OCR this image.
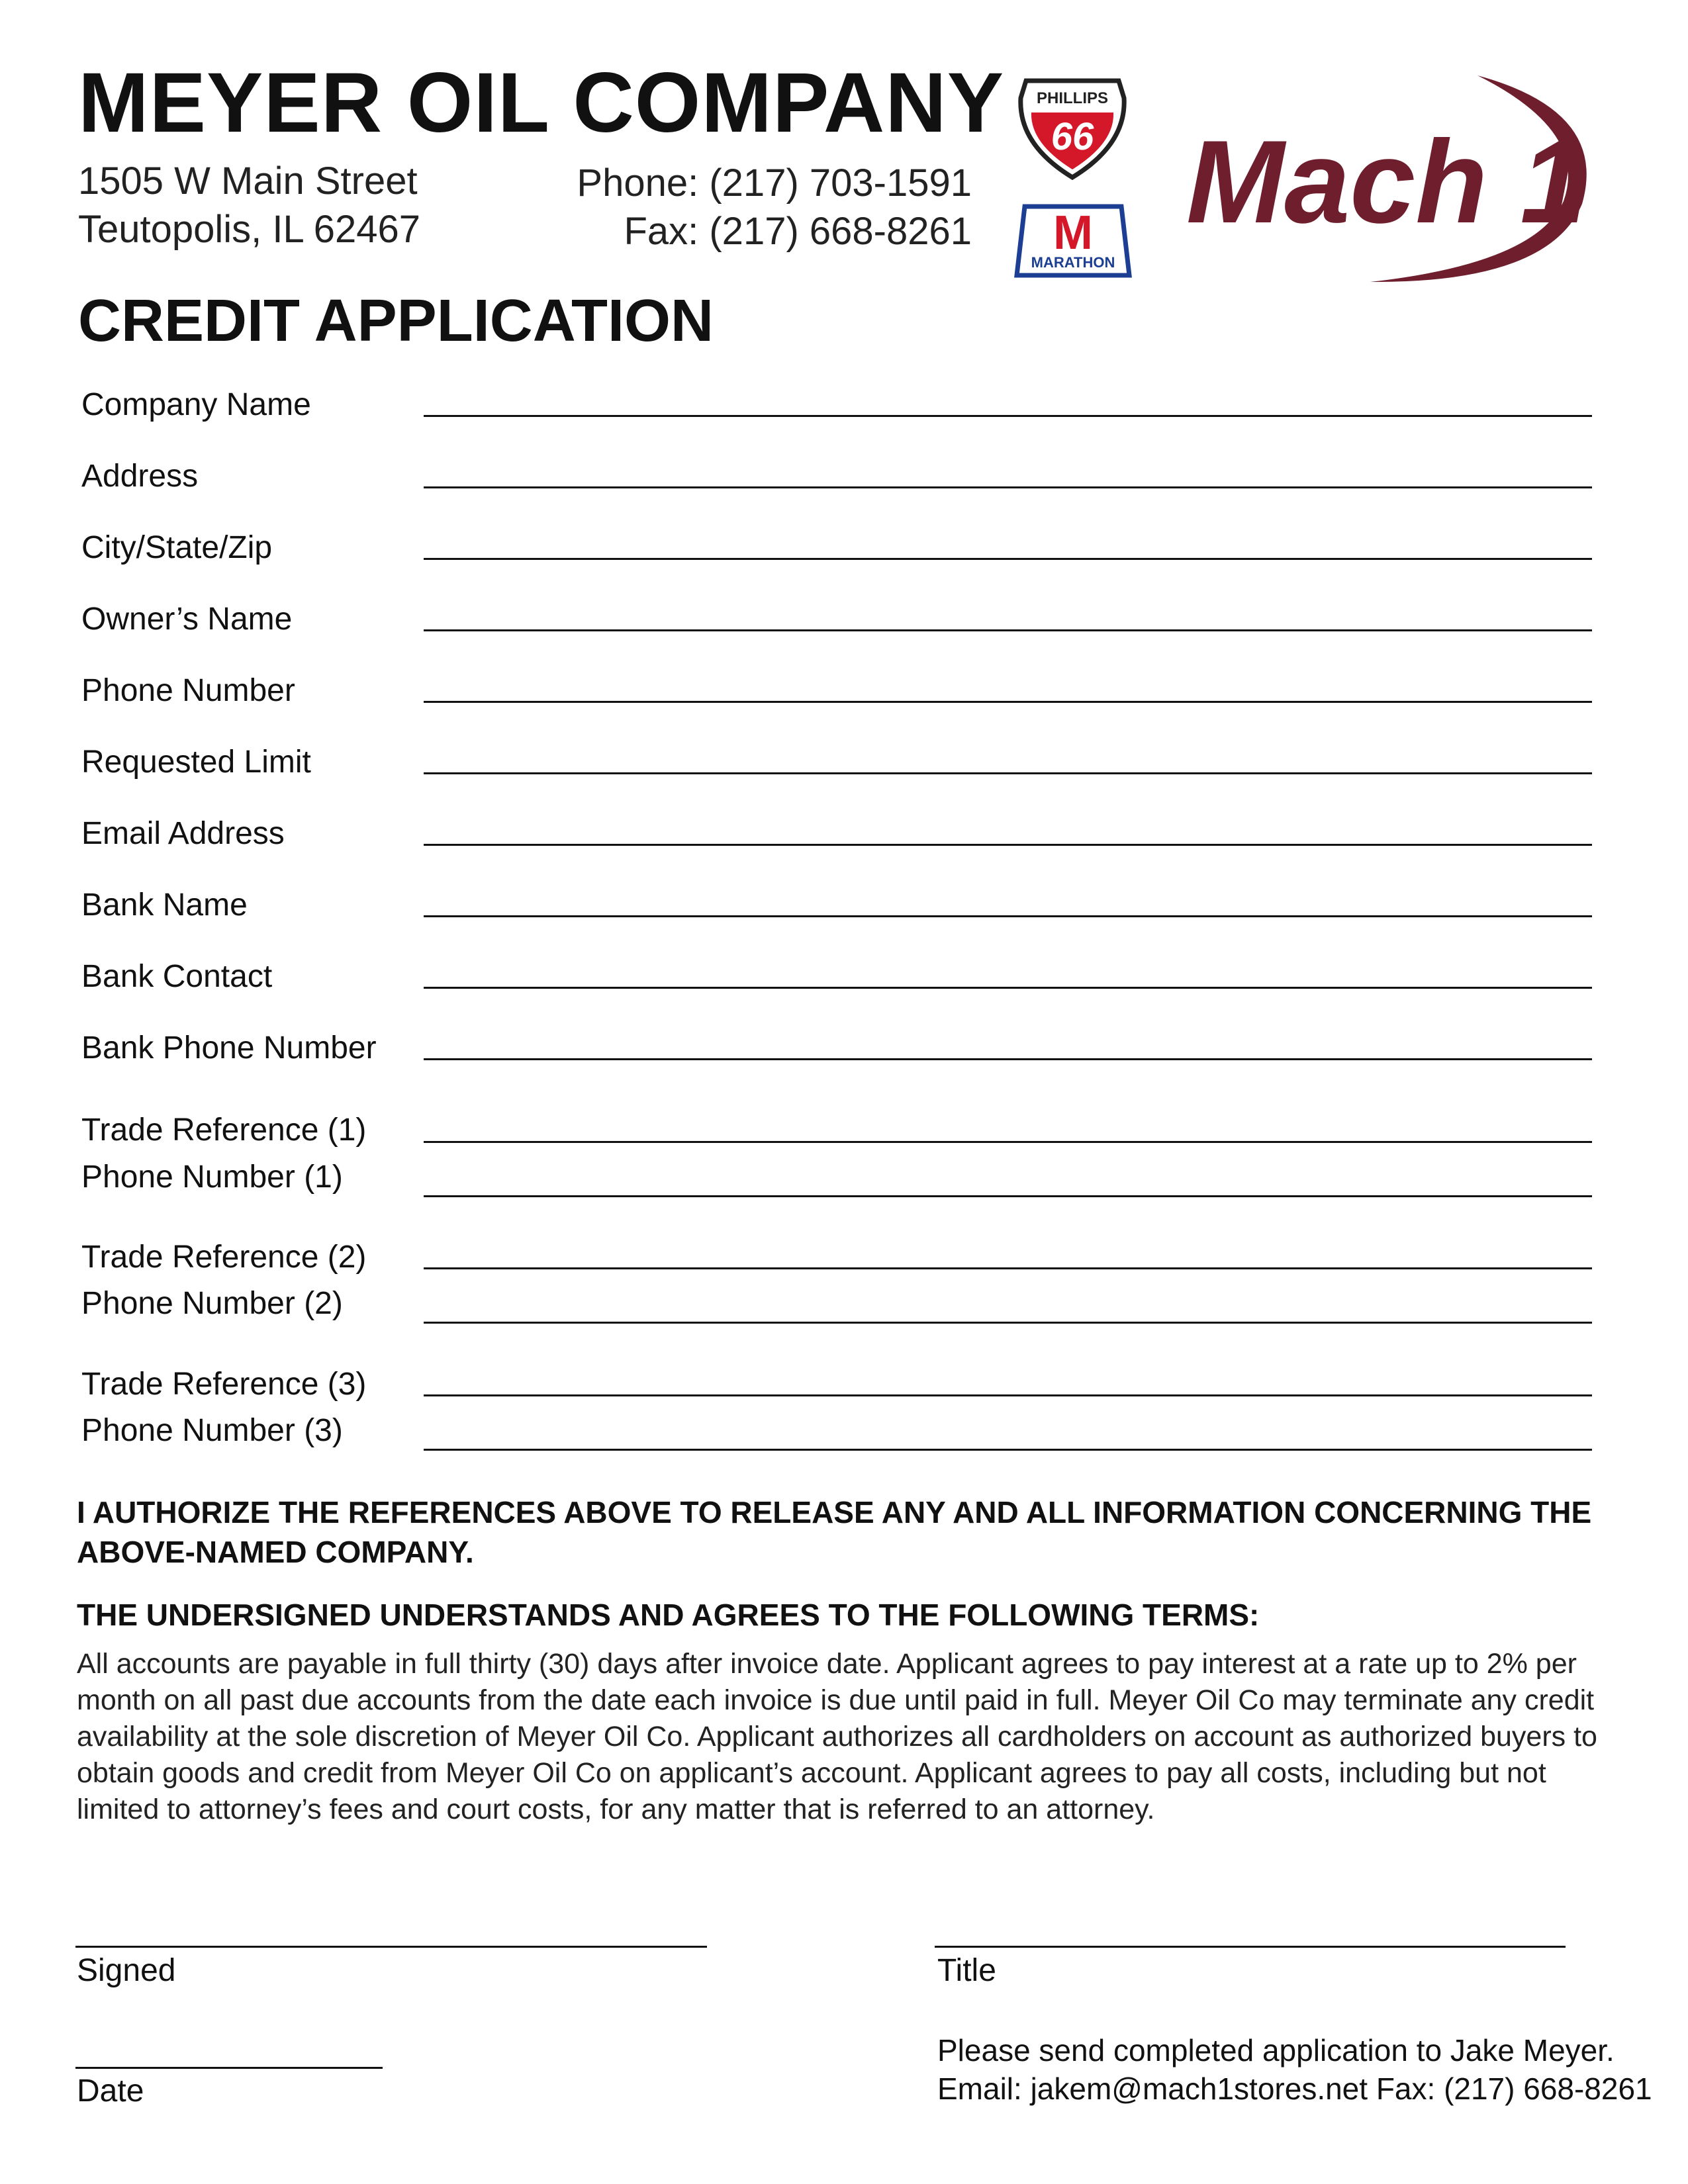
MEYER OIL COMPANY
1505 W Main Street
Teutopolis, IL 62467
Phone: (217) 703-1591
Fax: (217) 668-8261
PHILLIPS
66
M
MARATHON
Mach 1
CREDIT APPLICATION
Company Name
Address
City/State/Zip
Owner’s Name
Phone Number
Requested Limit
Email Address
Bank Name
Bank Contact
Bank Phone Number
Trade Reference (1)
Phone Number (1)
Trade Reference (2)
Phone Number (2)
Trade Reference (3)
Phone Number (3)
I AUTHORIZE THE REFERENCES ABOVE TO RELEASE ANY AND ALL INFORMATION CONCERNING THE ABOVE-NAMED COMPANY.
THE UNDERSIGNED UNDERSTANDS AND AGREES TO THE FOLLOWING TERMS:
All accounts are payable in full thirty (30) days after invoice date. Applicant agrees to pay interest at a rate up to 2% per month on all past due accounts from the date each invoice is due until paid in full. Meyer Oil Co may terminate any credit availability at the sole discretion of Meyer Oil Co. Applicant authorizes all cardholders on account as authorized buyers to obtain goods and credit from Meyer Oil Co on applicant’s account. Applicant agrees to pay all costs, including but not limited to attorney’s fees and court costs, for any matter that is referred to an attorney.
Signed	Title
Date
Please send completed application to Jake Meyer.
Email: jakem@mach1stores.net Fax: (217) 668-8261
